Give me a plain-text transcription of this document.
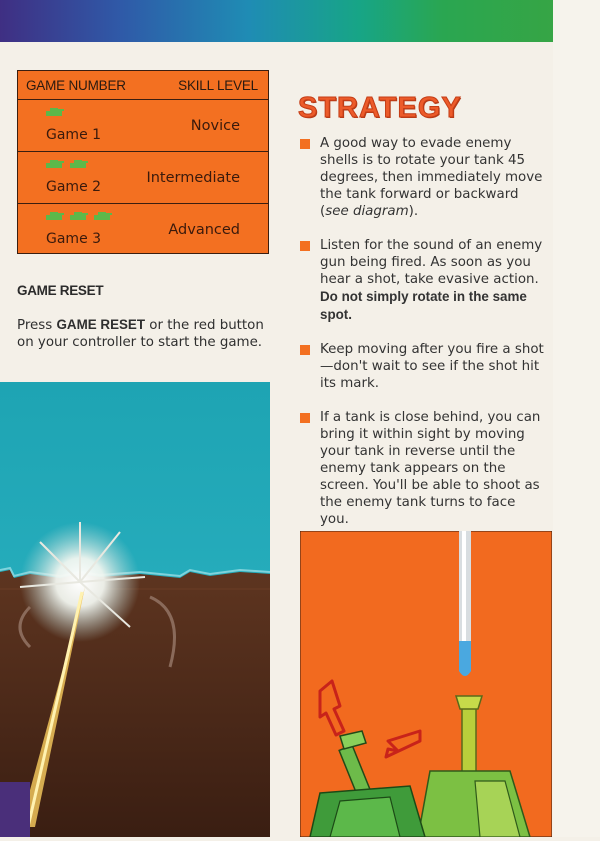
GAME NUMBER	SKILL LEVEL
Game 1
Novice
Game 2
Intermediate
Game 3
Advanced
GAME RESET
Press GAME RESET or the red button on your controller to start the game.
STRATEGY
A good way to evade enemy shells is to rotate your tank 45 degrees, then immediately move the tank forward or backward (see diagram).
Listen for the sound of an enemy gun being fired. As soon as you hear a shot, take evasive action. Do not simply rotate in the same spot.
Keep moving after you fire a shot—don't wait to see if the shot hit its mark.
If a tank is close behind, you can bring it within sight by moving your tank in reverse until the enemy tank appears on the screen. You'll be able to shoot as the enemy tank turns to face you.
